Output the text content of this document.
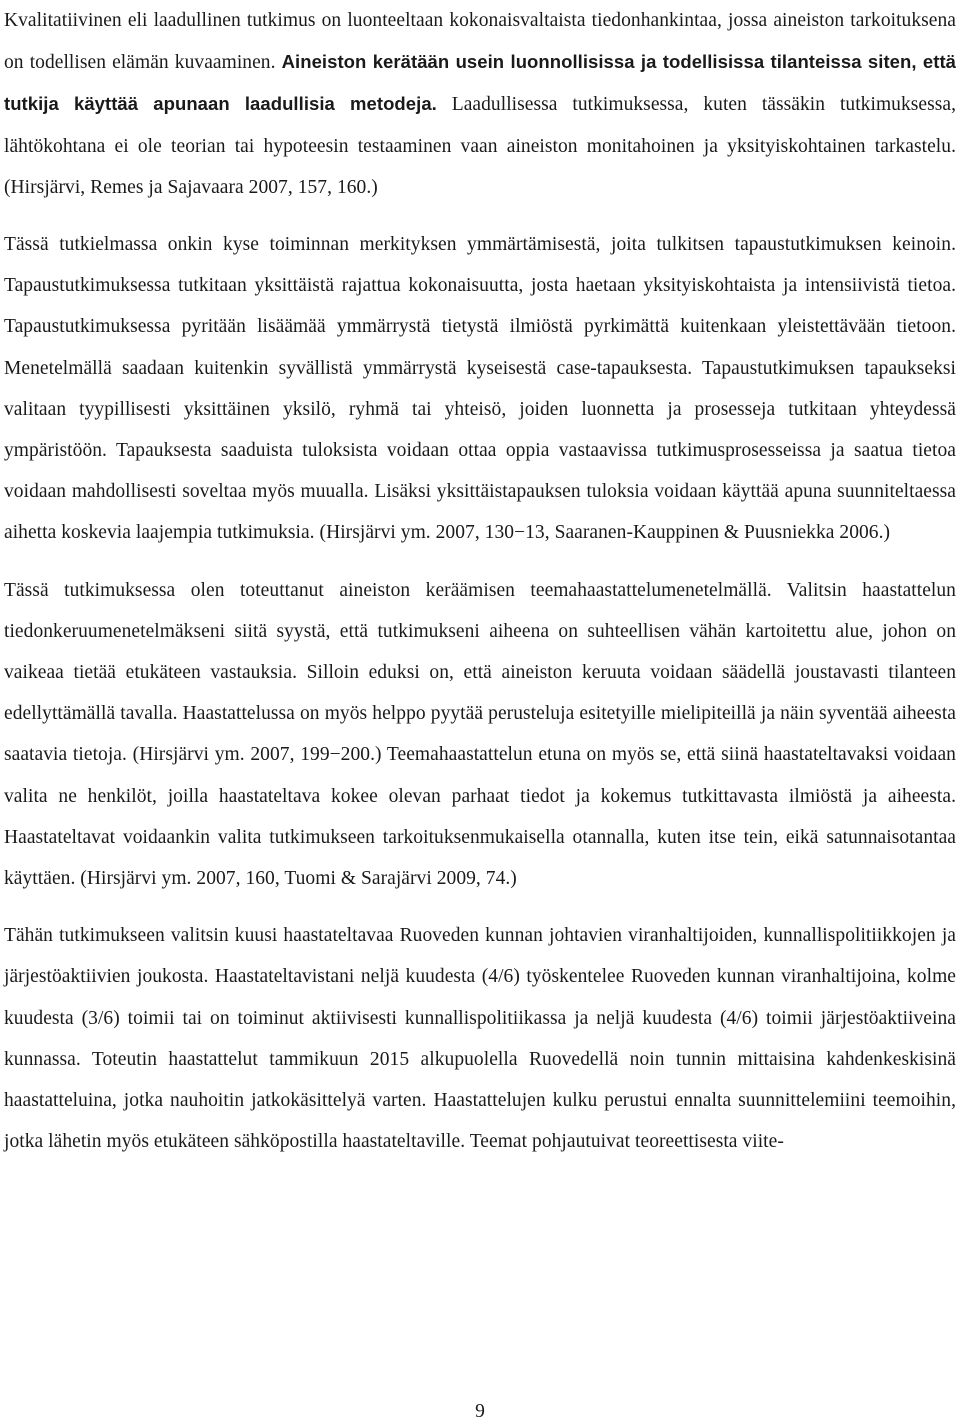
Kvalitatiivinen eli laadullinen tutkimus on luonteeltaan kokonaisvaltaista tiedonhankintaa, jossa aineiston tarkoituksena on todellisen elämän kuvaaminen. Aineiston kerätään usein luonnollisissa ja todellisissa tilanteissa siten, että tutkija käyttää apunaan laadullisia metodeja. Laadullisessa tutkimuksessa, kuten tässäkin tutkimuksessa, lähtökohtana ei ole teorian tai hypoteesin testaaminen vaan aineiston monitahoinen ja yksityiskohtainen tarkastelu. (Hirsjärvi, Remes ja Sajavaara 2007, 157, 160.)

Tässä tutkielmassa onkin kyse toiminnan merkityksen ymmärtämisestä, joita tulkitsen tapaustutkimuksen keinoin. Tapaustutkimuksessa tutkitaan yksittäistä rajattua kokonaisuutta, josta haetaan yksityiskohtaista ja intensiivistä tietoa. Tapaustutkimuksessa pyritään lisäämää ymmärrystä tietystä ilmiöstä pyrkimättä kuitenkaan yleistettävään tietoon. Menetelmällä saadaan kuitenkin syvällistä ymmärrystä kyseisestä case-tapauksesta. Tapaustutkimuksen tapaukseksi valitaan tyypillisesti yksittäinen yksilö, ryhmä tai yhteisö, joiden luonnetta ja prosesseja tutkitaan yhteydessä ympäristöön. Tapauksesta saaduista tuloksista voidaan ottaa oppia vastaavissa tutkimusprosesseissa ja saatua tietoa voidaan mahdollisesti soveltaa myös muualla. Lisäksi yksittäistapauksen tuloksia voidaan käyttää apuna suunniteltaessa aihetta koskevia laajempia tutkimuksia. (Hirsjärvi ym. 2007, 130−13, Saaranen-Kauppinen & Puusniekka 2006.)

Tässä tutkimuksessa olen toteuttanut aineiston keräämisen teemahaastattelumenetelmällä. Valitsin haastattelun tiedonkeruumenetelmäkseni siitä syystä, että tutkimukseni aiheena on suhteellisen vähän kartoitettu alue, johon on vaikeaa tietää etukäteen vastauksia. Silloin eduksi on, että aineiston keruuta voidaan säädellä joustavasti tilanteen edellyttämällä tavalla. Haastattelussa on myös helppo pyytää perusteluja esitetyille mielipiteillä ja näin syventää aiheesta saatavia tietoja. (Hirsjärvi ym. 2007, 199−200.) Teemahaastattelun etuna on myös se, että siinä haastateltavaksi voidaan valita ne henkilöt, joilla haastateltava kokee olevan parhaat tiedot ja kokemus tutkittavasta ilmiöstä ja aiheesta. Haastateltavat voidaankin valita tutkimukseen tarkoituksenmukaisella otannalla, kuten itse tein, eikä satunnaisotantaa käyttäen. (Hirsjärvi ym. 2007, 160, Tuomi & Sarajärvi 2009, 74.)

Tähän tutkimukseen valitsin kuusi haastateltavaa Ruoveden kunnan johtavien viranhaltijoiden, kunnallispolitiikkojen ja järjestöaktiivien joukosta. Haastateltavistani neljä kuudesta (4/6) työskentelee Ruoveden kunnan viranhaltijoina, kolme kuudesta (3/6) toimii tai on toiminut aktiivisesti kunnallispolitiikassa ja neljä kuudesta (4/6) toimii järjestöaktiiveina kunnassa. Toteutin haastattelut tammikuun 2015 alkupuolella Ruovedellä noin tunnin mittaisina kahdenkeskisinä haastatteluina, jotka nauhoitin jatkokäsittelyä varten. Haastattelujen kulku perustui ennalta suunnittelemiini teemoihin, jotka lähetin myös etukäteen sähköpostilla haastateltaville. Teemat pohjautuivat teoreettisesta viite-

9
